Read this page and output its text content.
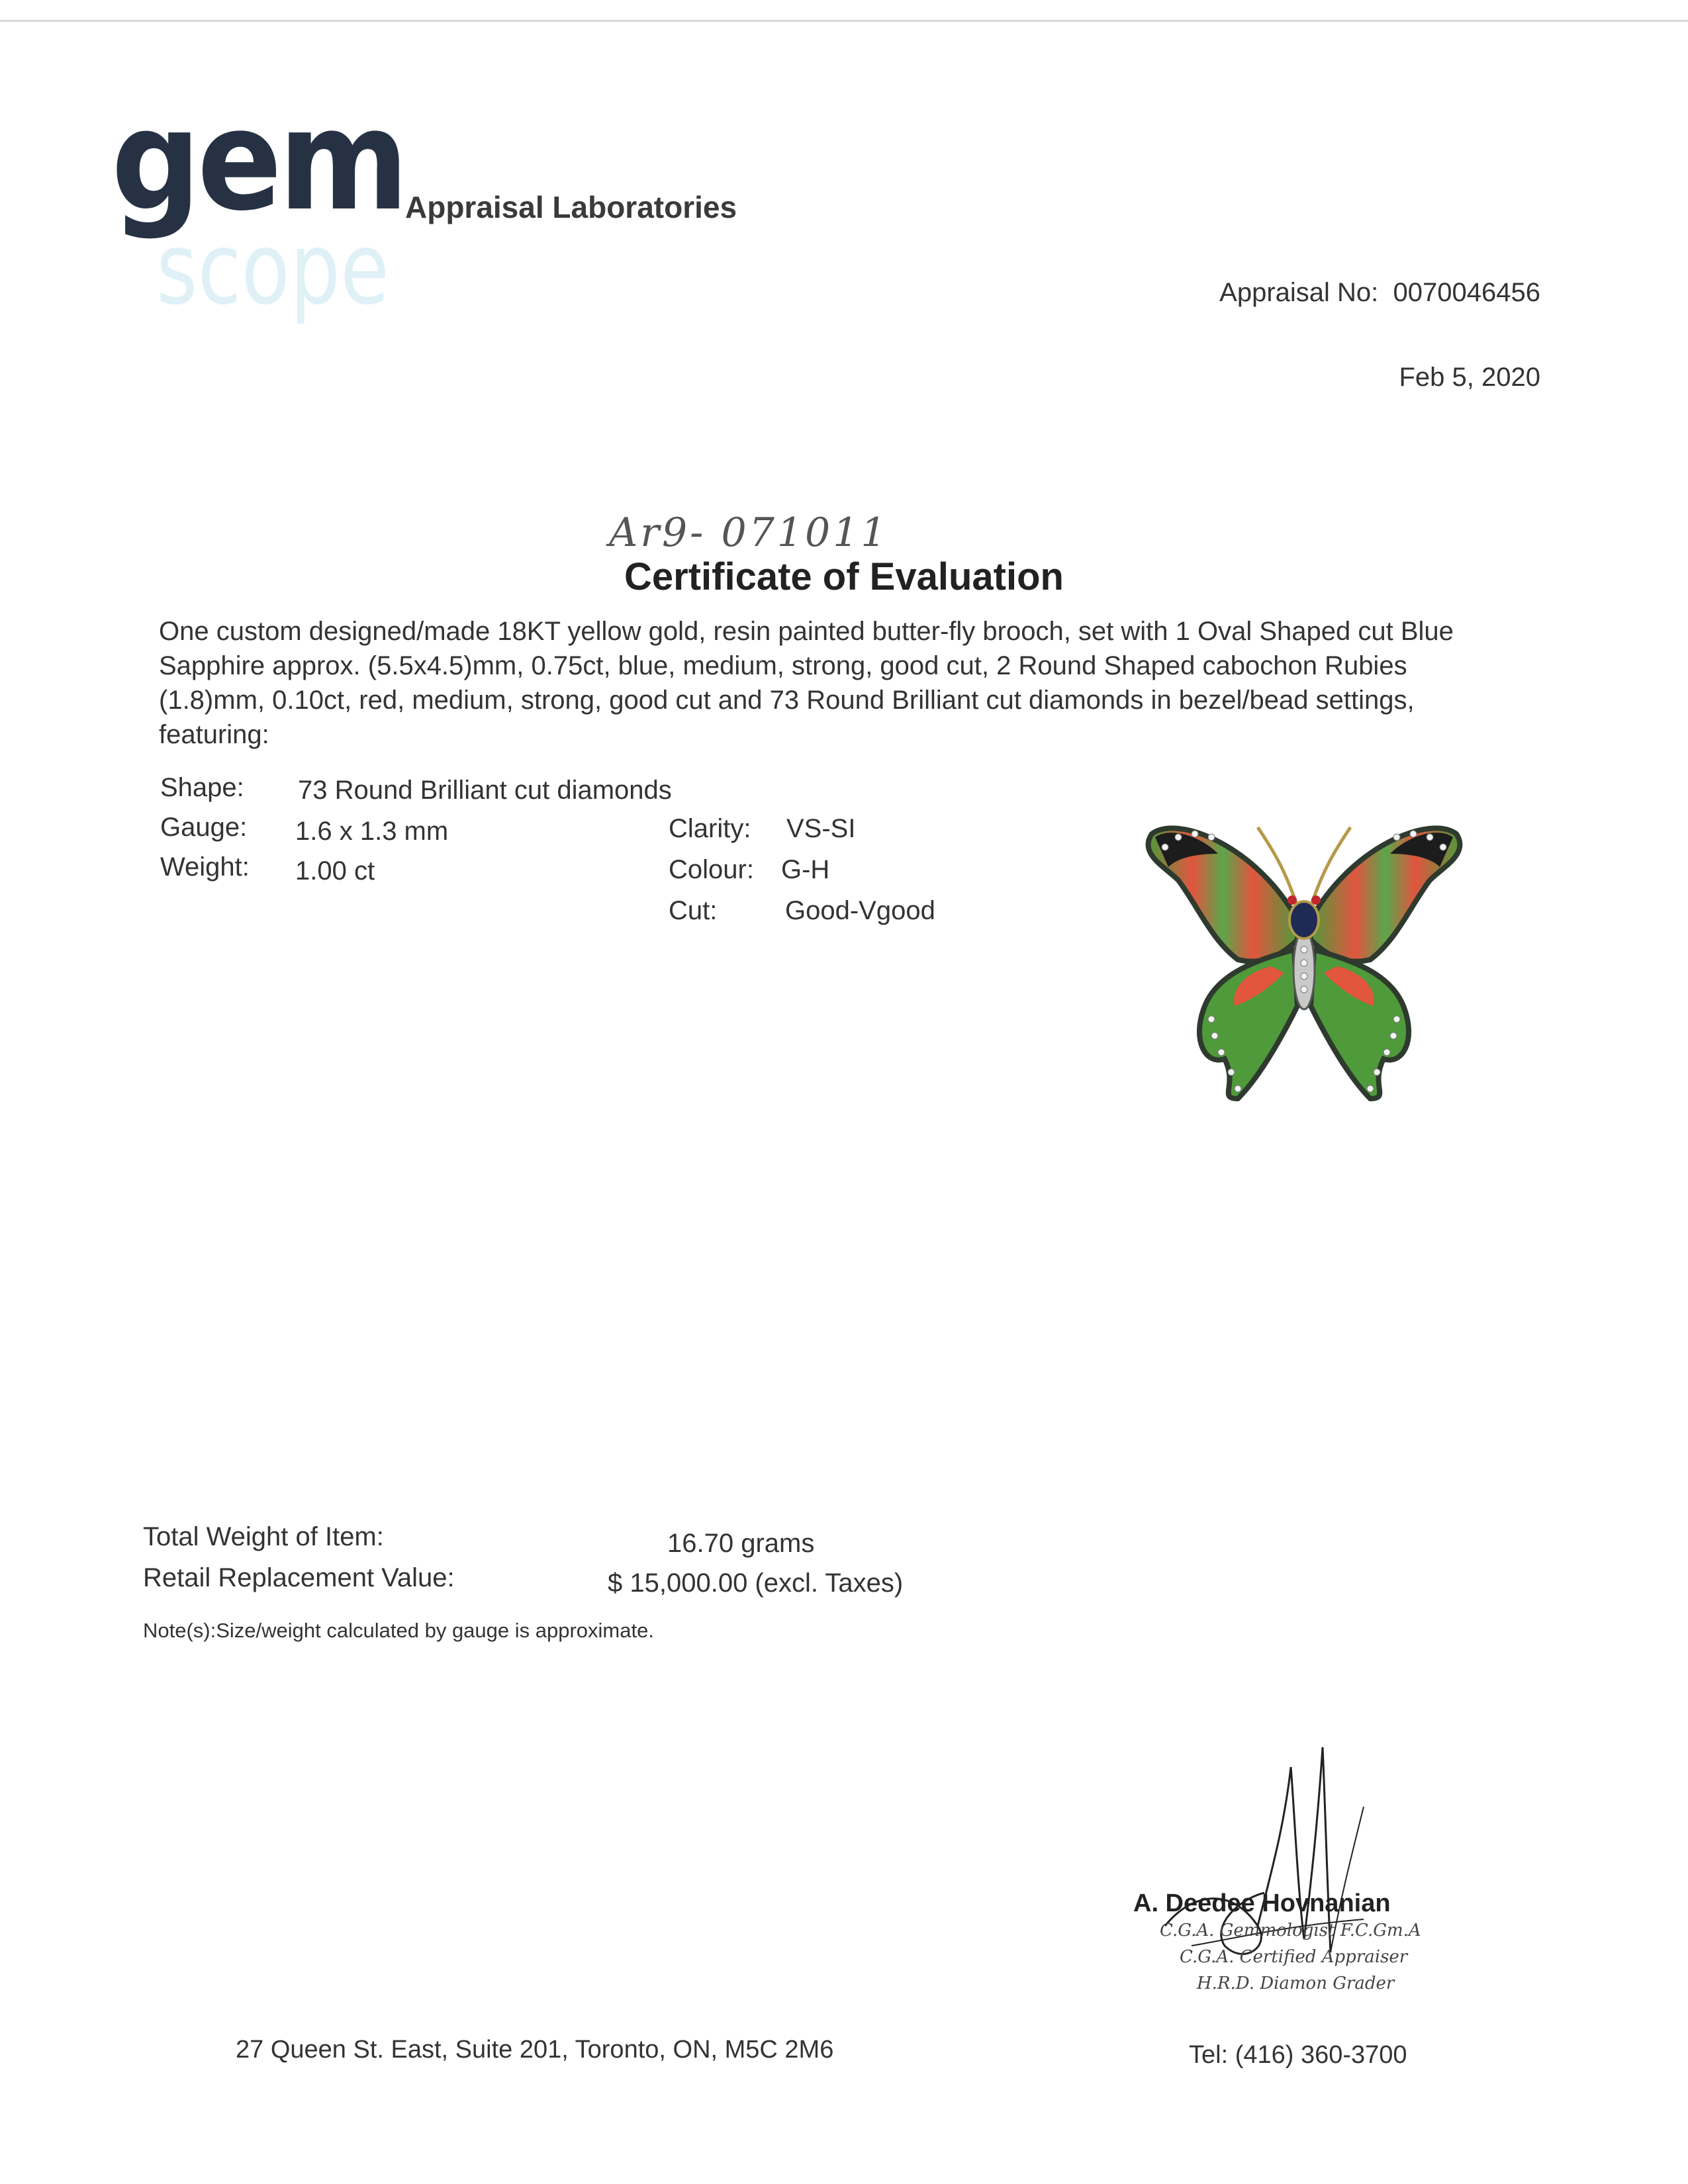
scope
gem Appraisal Laboratories
Appraisal No: 0070046456
Feb 5, 2020
Ar9- 071011
Certificate of Evaluation
One custom designed/made 18KT yellow gold, resin painted butter-fly brooch, set with 1 Oval Shaped cut Blue Sapphire approx. (5.5x4.5)mm, 0.75ct, blue, medium, strong, good cut, 2 Round Shaped cabochon Rubies (1.8)mm, 0.10ct, red, medium, strong, good cut and 73 Round Brilliant cut diamonds in bezel/bead settings, featuring:
Shape: 73 Round Brilliant cut diamonds
Gauge: 1.6 x 1.3 mm
Weight: 1.00 ct
Clarity: VS-SI
Colour: G-H
Cut:	Good-Vgood
Total Weight of Item:	16.70 grams
Retail Replacement Value:	$ 15,000.00 (excl. Taxes)
Note(s):Size/weight calculated by gauge is approximate.
A. Deedee Hovnanian
C.G.A. Gemmologist F.C.Gm.A
C.G.A. Certified Appraiser
H.R.D. Diamon Grader
27 Queen St. East, Suite 201, Toronto, ON, M5C 2M6	Tel: (416) 360-3700
